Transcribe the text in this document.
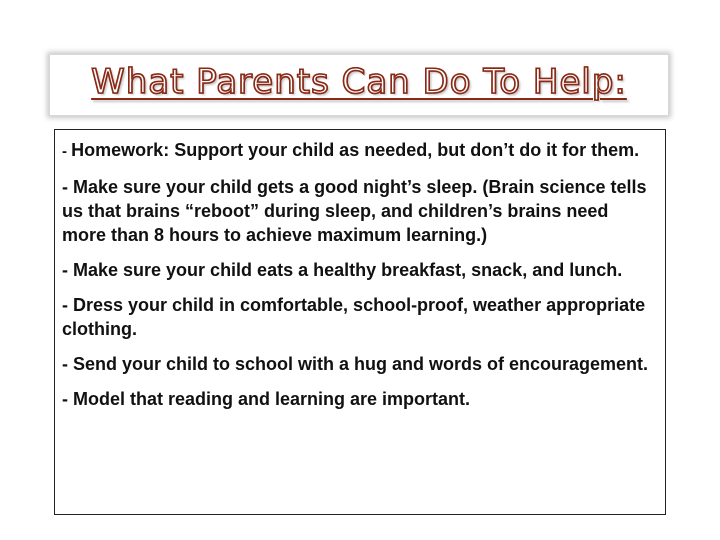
What Parents Can Do To Help:

- Homework: Support your child as needed, but don’t do it for them.

- Make sure your child gets a good night’s sleep. (Brain science tells us that brains “reboot” during sleep, and children’s brains need more than 8 hours to achieve maximum learning.)

- Make sure your child eats a healthy breakfast, snack, and lunch.

- Dress your child in comfortable, school-proof, weather appropriate clothing.

- Send your child to school with a hug and words of encouragement.

- Model that reading and learning are important.
